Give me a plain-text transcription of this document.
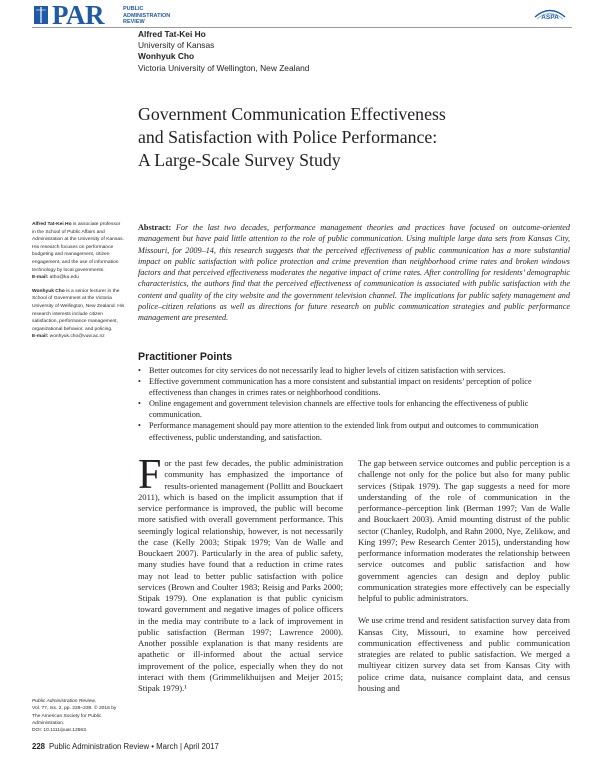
PAR	PUBLIC
ADMINISTRATION
REVIEW
ASPA
Alfred Tat-Kei Ho
University of Kansas
Wonhyuk Cho
Victoria University of Wellington, New Zealand
Government Communication Effectiveness
and Satisfaction with Police Performance:
A Large-Scale Survey Study

Alfred Tat-Kei Ho is associate professor in the School of Public Affairs and Administration at the University of Kansas. His research focuses on performance budgeting and management, citizen engagement, and the use of information technology by local governments.
E-mail: atho@ku.edu

Wonhyuk Cho is a senior lecturer in the School of Government at the Victoria University of Wellington, New Zealand. His research interests include citizen satisfaction, performance management, organizational behavior, and policing.
E-mail: wonhyuk.cho@vuw.ac.nz

Abstract: For the last two decades, performance management theories and practices have focused on outcome-oriented management but have paid little attention to the role of public communication. Using multiple large data sets from Kansas City, Missouri, for 2009–14, this research suggests that the perceived effectiveness of public communication has a more substantial impact on public satisfaction with police protection and crime prevention than neighborhood crime rates and broken windows factors and that perceived effectiveness moderates the negative impact of crime rates. After controlling for residents’ demographic characteristics, the authors find that the perceived effectiveness of communication is associated with public satisfaction with the content and quality of the city website and the government television channel. The implications for public safety management and police–citizen relations as well as directions for future research on public communication strategies and public performance management are presented.
Practitioner Points
• Better outcomes for city services do not necessarily lead to higher levels of citizen satisfaction with services.
• Effective government communication has a more consistent and substantial impact on residents’ perception of police effectiveness than changes in crimes rates or neighborhood conditions.
• Online engagement and government television channels are effective tools for enhancing the effectiveness of public communication.
• Performance management should pay more attention to the extended link from output and outcomes to communication effectiveness, public understanding, and satisfaction.

For the past few decades, the public administration community has emphasized the importance of results-oriented management (Pollitt and Bouckaert 2011), which is based on the implicit assumption that if service performance is improved, the public will become more satisfied with overall government performance. This seemingly logical relationship, however, is not necessarily the case (Kelly 2003; Stipak 1979; Van de Walle and Bouckaert 2007). Particularly in the area of public safety, many studies have found that a reduction in crime rates may not lead to better public satisfaction with police services (Brown and Coulter 1983; Reisig and Parks 2000; Stipak 1979). One explanation is that public cynicism toward government and negative images of police officers in the media may contribute to a lack of improvement in public satisfaction (Berman 1997; Lawrence 2000). Another possible explanation is that many residents are apathetic or ill-informed about the actual service improvement of the police, especially when they do not interact with them (Grimmelikhuijsen and Meijer 2015; Stipak 1979).¹

The gap between service outcomes and public perception is a challenge not only for the police but also for many public services (Stipak 1979). The gap suggests a need for more understanding of the role of communication in the performance–perception link (Berman 1997; Van de Walle and Bouckaert 2003). Amid mounting distrust of the public sector (Chanley, Rudolph, and Rahn 2000, Nye, Zelikow, and King 1997; Pew Research Center 2015), understanding how performance information moderates the relationship between service outcomes and public satisfaction and how government agencies can design and deploy public communication strategies more effectively can be especially helpful to public administrators.

We use crime trend and resident satisfaction survey data from Kansas City, Missouri, to examine how perceived communication effectiveness and public communication strategies are related to public satisfaction. We merged a multiyear citizen survey data set from Kansas City with police crime data, nuisance complaint data, and census housing and

Public Administration Review,
Vol. 77, Iss. 2, pp. 228–239. © 2016 by
The American Society for Public Administration.
DOI: 10.1111/puar.12563.
228 Public Administration Review • March | April 2017
